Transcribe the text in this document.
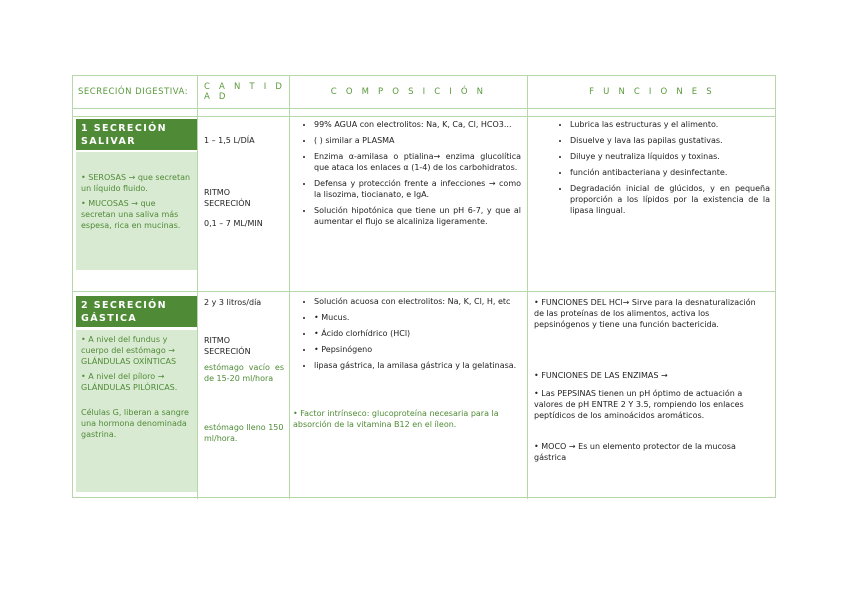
SECRECIÓN DIGESTIVA: C A N T I D A D	C O M P O S I C I Ó N	F U N C I O N E S
1 SECRECIÓN SALIVAR

• SEROSAS → que secretan un líquido fluido.

• MUCOSAS → que secretan una saliva más espesa, rica en mucinas.

1 – 1,5 L/DÍA
RITMO SECRECIÓN
0,1 – 7 ML/MIN
• 99% AGUA con electrolitos: Na, K, Ca, Cl, HCO3...
• ( ) similar a PLASMA
• Enzima α-amilasa o ptialina→ enzima glucolítica que ataca los enlaces α (1-4) de los carbohidratos.
• Defensa y protección frente a infecciones → como la lisozima, tiocianato, e IgA.
• Solución hipotónica que tiene un pH 6-7, y que al aumentar el flujo se alcaliniza ligeramente.
• Lubrica las estructuras y el alimento.
• Disuelve y lava las papilas gustativas.
• Diluye y neutraliza líquidos y toxinas.
• función antibacteriana y desinfectante.
• Degradación inicial de glúcidos, y en pequeña proporción a los lípidos por la existencia de la lipasa lingual.
2 SECRECIÓN GÁSTICA

• A nivel del fundus y cuerpo del estómago → GLÁNDULAS OXÍNTICAS

• A nivel del píloro → GLÁNDULAS PILÓRICAS.

Células G, liberan a sangre una hormona denominada gastrina.

2 y 3 litros/día
RITMO SECRECIÓN
estómago vacío es de 15-20 ml/hora
estómago lleno 150 ml/hora.
• Solución acuosa con electrolitos: Na, K, Cl, H, etc
• • Mucus.
• • Ácido clorhídrico (HCl)
• • Pepsinógeno
• lipasa gástrica, la amilasa gástrica y la gelatinasa.
• Factor intrínseco: glucoproteína necesaria para la absorción de la vitamina B12 en el íleon.
• FUNCIONES DEL HCl→ Sirve para la desnaturalización de las proteínas de los alimentos, activa los pepsinógenos y tiene una función bactericida.
• FUNCIONES DE LAS ENZIMAS →
• Las PEPSINAS tienen un pH óptimo de actuación a valores de pH ENTRE 2 Y 3.5, rompiendo los enlaces peptídicos de los aminoácidos aromáticos.
• MOCO → Es un elemento protector de la mucosa gástrica
